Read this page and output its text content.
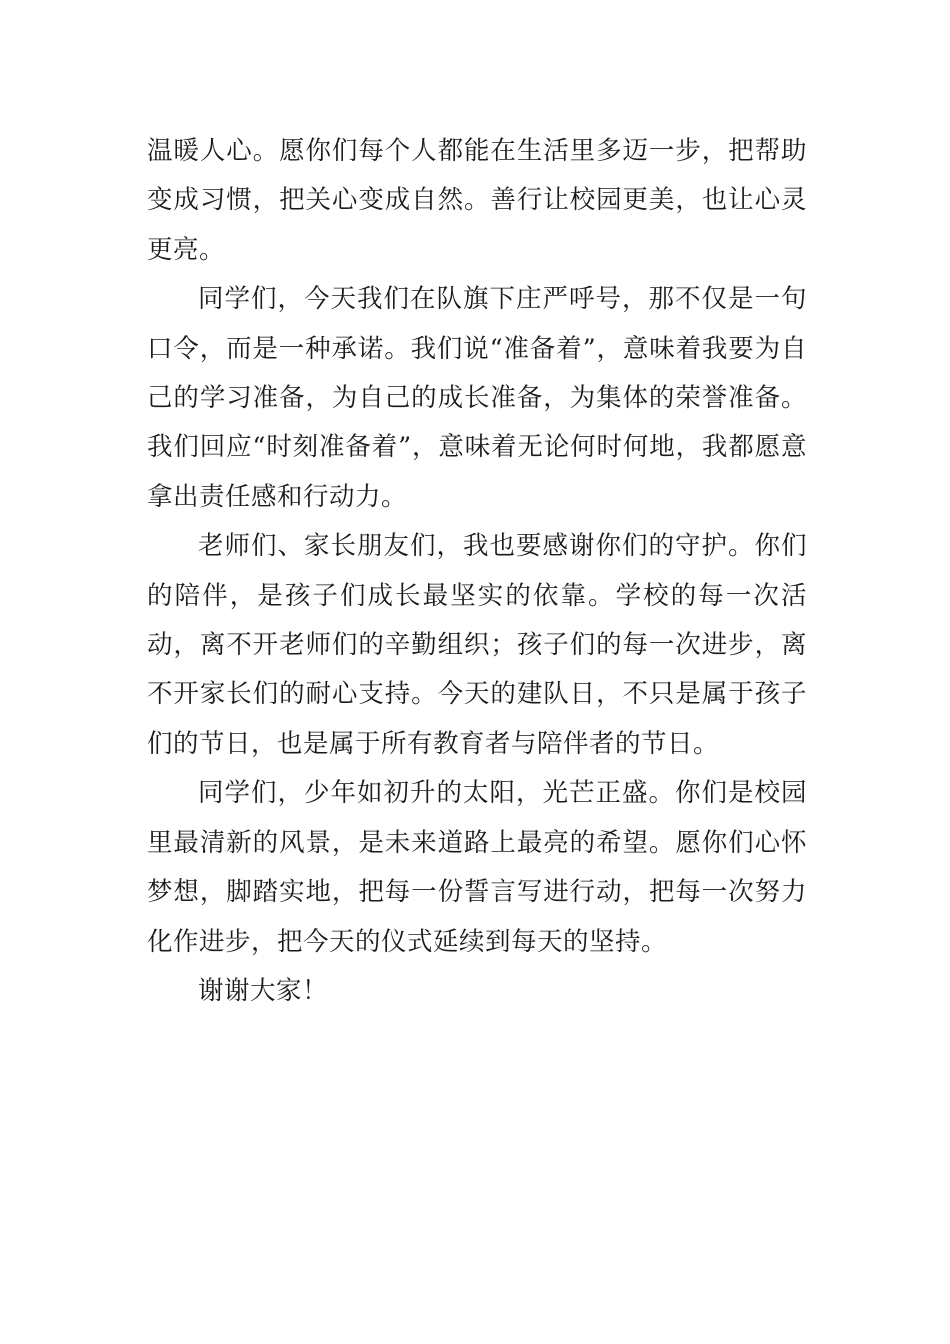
温暖人心。愿你们每个人都能在生活里多迈一步，把帮助变成习惯，把关心变成自然。善行让校园更美，也让心灵更亮。

同学们，今天我们在队旗下庄严呼号，那不仅是一句口令，而是一种承诺。我们说“准备着”，意味着我要为自己的学习准备，为自己的成长准备，为集体的荣誉准备。我们回应“时刻准备着”，意味着无论何时何地，我都愿意拿出责任感和行动力。

老师们、家长朋友们，我也要感谢你们的守护。你们的陪伴，是孩子们成长最坚实的依靠。学校的每一次活动，离不开老师们的辛勤组织；孩子们的每一次进步，离不开家长们的耐心支持。今天的建队日，不只是属于孩子们的节日，也是属于所有教育者与陪伴者的节日。

同学们，少年如初升的太阳，光芒正盛。你们是校园里最清新的风景，是未来道路上最亮的希望。愿你们心怀梦想，脚踏实地，把每一份誓言写进行动，把每一次努力化作进步，把今天的仪式延续到每天的坚持。

谢谢大家！
